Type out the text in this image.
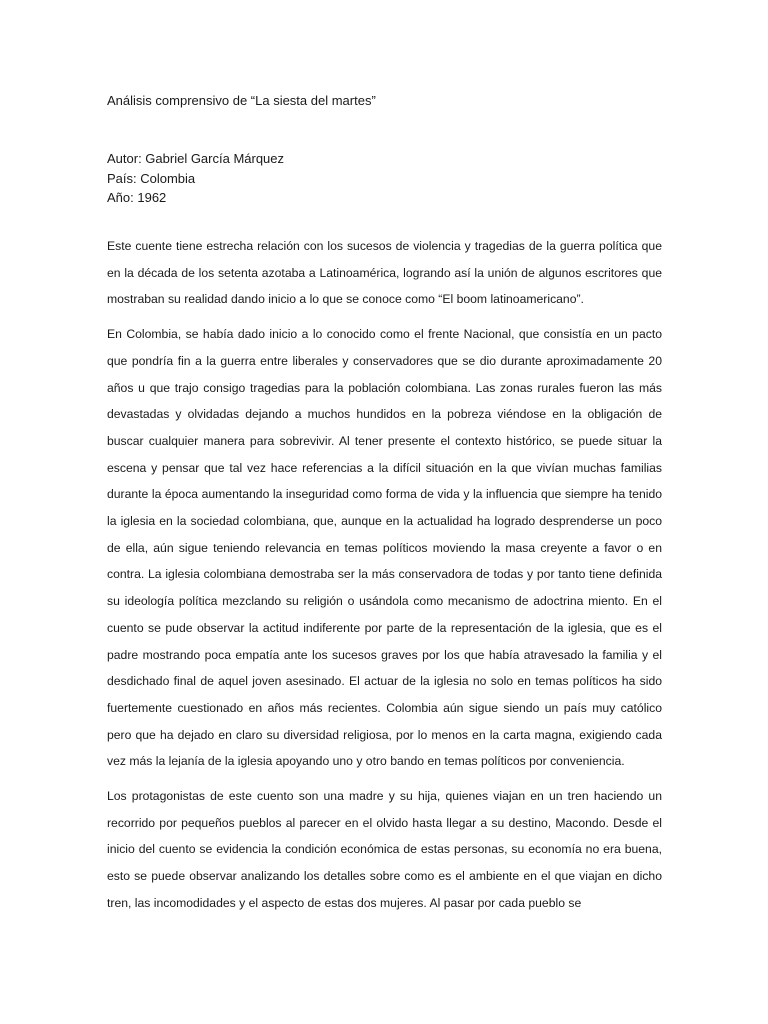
Análisis comprensivo de “La siesta del martes”
Autor: Gabriel García Márquez
País: Colombia
Año: 1962

Este cuente tiene estrecha relación con los sucesos de violencia y tragedias de la guerra política que en la década de los setenta azotaba a Latinoamérica, logrando así la unión de algunos escritores que mostraban su realidad dando inicio a lo que se conoce como “El boom latinoamericano”.

En Colombia, se había dado inicio a lo conocido como el frente Nacional, que consistía en un pacto que pondría fin a la guerra entre liberales y conservadores que se dio durante aproximadamente 20 años u que trajo consigo tragedias para la población colombiana. Las zonas rurales fueron las más devastadas y olvidadas dejando a muchos hundidos en la pobreza viéndose en la obligación de buscar cualquier manera para sobrevivir. Al tener presente el contexto histórico, se puede situar la escena y pensar que tal vez hace referencias a la difícil situación en la que vivían muchas familias durante la época aumentando la inseguridad como forma de vida y la influencia que siempre ha tenido la iglesia en la sociedad colombiana, que, aunque en la actualidad ha logrado desprenderse un poco de ella, aún sigue teniendo relevancia en temas políticos moviendo la masa creyente a favor o en contra. La iglesia colombiana demostraba ser la más conservadora de todas y por tanto tiene definida su ideología política mezclando su religión o usándola como mecanismo de adoctrina miento. En el cuento se pude observar la actitud indiferente por parte de la representación de la iglesia, que es el padre mostrando poca empatía ante los sucesos graves por los que había atravesado la familia y el desdichado final de aquel joven asesinado. El actuar de la iglesia no solo en temas políticos ha sido fuertemente cuestionado en años más recientes. Colombia aún sigue siendo un país muy católico pero que ha dejado en claro su diversidad religiosa, por lo menos en la carta magna, exigiendo cada vez más la lejanía de la iglesia apoyando uno y otro bando en temas políticos por conveniencia.

Los protagonistas de este cuento son una madre y su hija, quienes viajan en un tren haciendo un recorrido por pequeños pueblos al parecer en el olvido hasta llegar a su destino, Macondo. Desde el inicio del cuento se evidencia la condición económica de estas personas, su economía no era buena, esto se puede observar analizando los detalles sobre como es el ambiente en el que viajan en dicho tren, las incomodidades y el aspecto de estas dos mujeres. Al pasar por cada pueblo se
